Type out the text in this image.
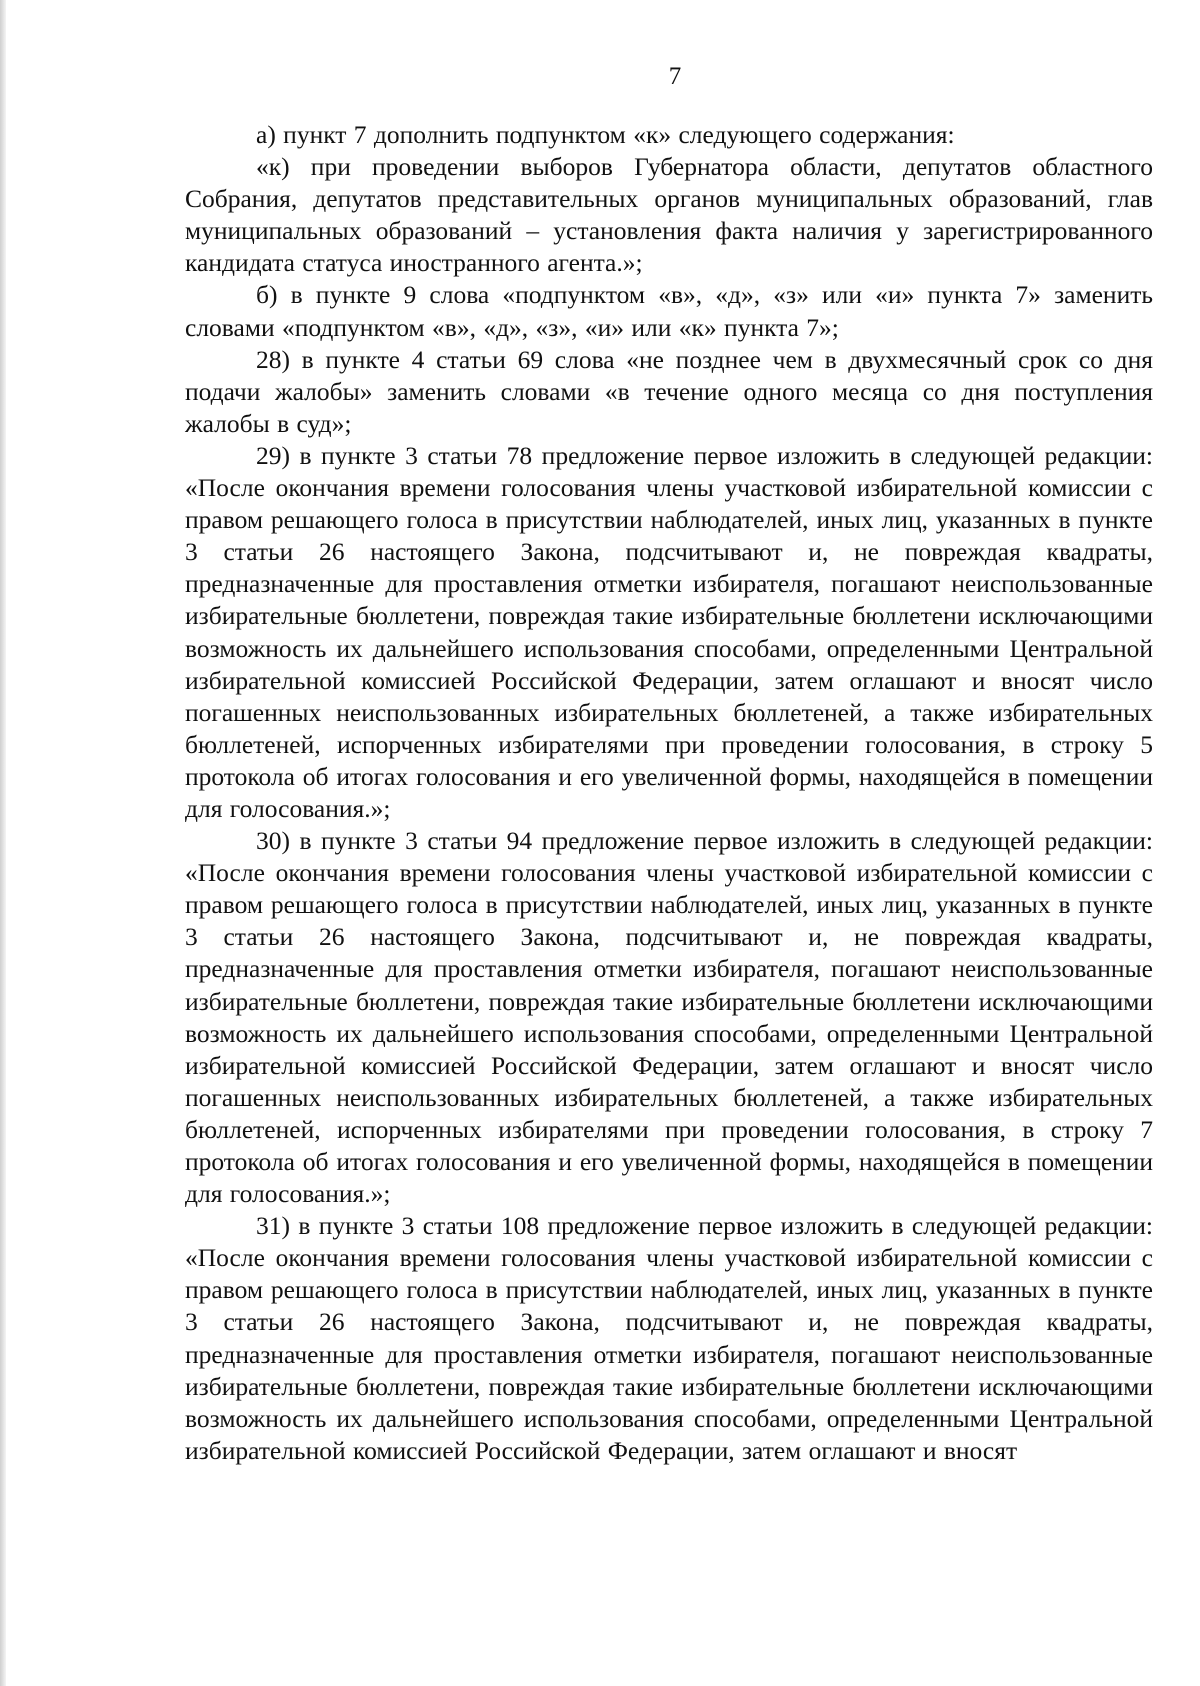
7

а) пункт 7 дополнить подпунктом «к» следующего содержания:

«к) при проведении выборов Губернатора области, депутатов областного Собрания, депутатов представительных органов муниципальных образований, глав муниципальных образований – установления факта наличия у зарегистрированного кандидата статуса иностранного агента.»;

б) в пункте 9 слова «подпунктом «в», «д», «з» или «и» пункта 7» заменить словами «подпунктом «в», «д», «з», «и» или «к» пункта 7»;

28) в пункте 4 статьи 69 слова «не позднее чем в двухмесячный срок со дня подачи жалобы» заменить словами «в течение одного месяца со дня поступления жалобы в суд»;

29) в пункте 3 статьи 78 предложение первое изложить в следующей редакции: «После окончания времени голосования члены участковой избирательной комиссии с правом решающего голоса в присутствии наблюдателей, иных лиц, указанных в пункте 3 статьи 26 настоящего Закона, подсчитывают и, не повреждая квадраты, предназначенные для проставления отметки избирателя, погашают неиспользованные избирательные бюллетени, повреждая такие избирательные бюллетени исключающими возможность их дальнейшего использования способами, определенными Центральной избирательной комиссией Российской Федерации, затем оглашают и вносят число погашенных неиспользованных избирательных бюллетеней, а также избирательных бюллетеней, испорченных избирателями при проведении голосования, в строку 5 протокола об итогах голосования и его увеличенной формы, находящейся в помещении для голосования.»;

30) в пункте 3 статьи 94 предложение первое изложить в следующей редакции: «После окончания времени голосования члены участковой избирательной комиссии с правом решающего голоса в присутствии наблюдателей, иных лиц, указанных в пункте 3 статьи 26 настоящего Закона, подсчитывают и, не повреждая квадраты, предназначенные для проставления отметки избирателя, погашают неиспользованные избирательные бюллетени, повреждая такие избирательные бюллетени исключающими возможность их дальнейшего использования способами, определенными Центральной избирательной комиссией Российской Федерации, затем оглашают и вносят число погашенных неиспользованных избирательных бюллетеней, а также избирательных бюллетеней, испорченных избирателями при проведении голосования, в строку 7 протокола об итогах голосования и его увеличенной формы, находящейся в помещении для голосования.»;

31) в пункте 3 статьи 108 предложение первое изложить в следующей редакции: «После окончания времени голосования члены участковой избирательной комиссии с правом решающего голоса в присутствии наблюдателей, иных лиц, указанных в пункте 3 статьи 26 настоящего Закона, подсчитывают и, не повреждая квадраты, предназначенные для проставления отметки избирателя, погашают неиспользованные избирательные бюллетени, повреждая такие избирательные бюллетени исключающими возможность их дальнейшего использования способами, определенными Центральной избирательной комиссией Российской Федерации, затем оглашают и вносят
